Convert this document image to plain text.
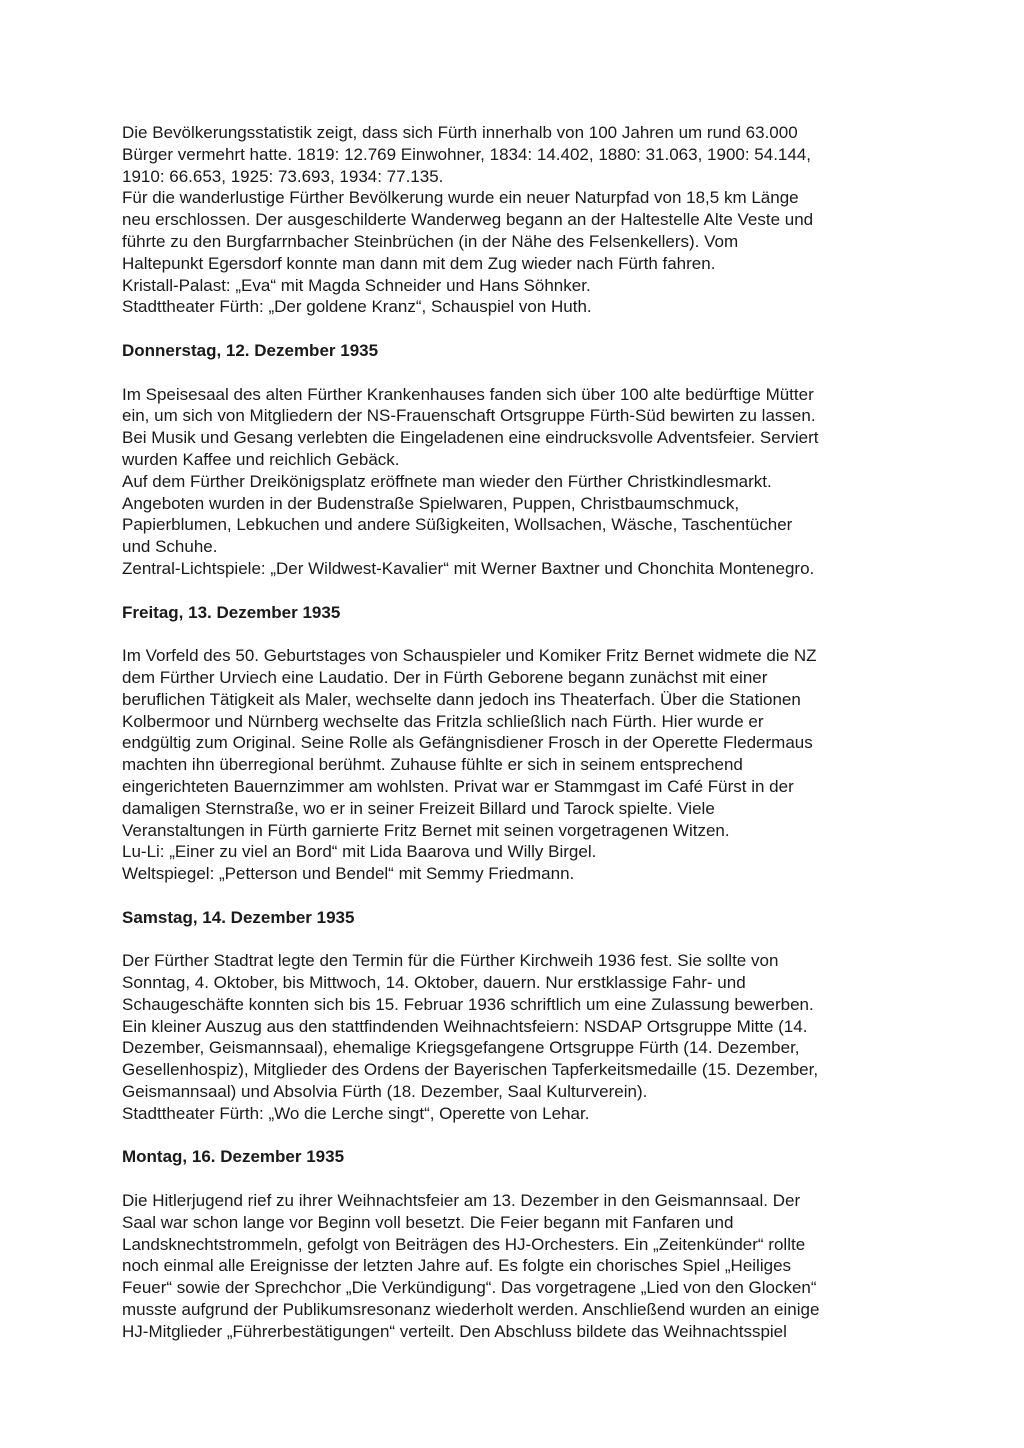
Die Bevölkerungsstatistik zeigt, dass sich Fürth innerhalb von 100 Jahren um rund 63.000
Bürger vermehrt hatte. 1819: 12.769 Einwohner, 1834: 14.402, 1880: 31.063, 1900: 54.144,
1910: 66.653, 1925: 73.693, 1934: 77.135.
Für die wanderlustige Fürther Bevölkerung wurde ein neuer Naturpfad von 18,5 km Länge
neu erschlossen. Der ausgeschilderte Wanderweg begann an der Haltestelle Alte Veste und
führte zu den Burgfarrnbacher Steinbrüchen (in der Nähe des Felsenkellers). Vom
Haltepunkt Egersdorf konnte man dann mit dem Zug wieder nach Fürth fahren.
Kristall-Palast: „Eva“ mit Magda Schneider und Hans Söhnker.
Stadttheater Fürth: „Der goldene Kranz“, Schauspiel von Huth.
Donnerstag, 12. Dezember 1935
Im Speisesaal des alten Fürther Krankenhauses fanden sich über 100 alte bedürftige Mütter
ein, um sich von Mitgliedern der NS-Frauenschaft Ortsgruppe Fürth-Süd bewirten zu lassen.
Bei Musik und Gesang verlebten die Eingeladenen eine eindrucksvolle Adventsfeier. Serviert
wurden Kaffee und reichlich Gebäck.
Auf dem Fürther Dreikönigsplatz eröffnete man wieder den Fürther Christkindlesmarkt.
Angeboten wurden in der Budenstraße Spielwaren, Puppen, Christbaumschmuck,
Papierblumen, Lebkuchen und andere Süßigkeiten, Wollsachen, Wäsche, Taschentücher
und Schuhe.
Zentral-Lichtspiele: „Der Wildwest-Kavalier“ mit Werner Baxtner und Chonchita Montenegro.
Freitag, 13. Dezember 1935
Im Vorfeld des 50. Geburtstages von Schauspieler und Komiker Fritz Bernet widmete die NZ
dem Fürther Urviech eine Laudatio. Der in Fürth Geborene begann zunächst mit einer
beruflichen Tätigkeit als Maler, wechselte dann jedoch ins Theaterfach. Über die Stationen
Kolbermoor und Nürnberg wechselte das Fritzla schließlich nach Fürth. Hier wurde er
endgültig zum Original. Seine Rolle als Gefängnisdiener Frosch in der Operette Fledermaus
machten ihn überregional berühmt. Zuhause fühlte er sich in seinem entsprechend
eingerichteten Bauernzimmer am wohlsten. Privat war er Stammgast im Café Fürst in der
damaligen Sternstraße, wo er in seiner Freizeit Billard und Tarock spielte. Viele
Veranstaltungen in Fürth garnierte Fritz Bernet mit seinen vorgetragenen Witzen.
Lu-Li: „Einer zu viel an Bord“ mit Lida Baarova und Willy Birgel.
Weltspiegel: „Petterson und Bendel“ mit Semmy Friedmann.
Samstag, 14. Dezember 1935
Der Fürther Stadtrat legte den Termin für die Fürther Kirchweih 1936 fest. Sie sollte von
Sonntag, 4. Oktober, bis Mittwoch, 14. Oktober, dauern. Nur erstklassige Fahr- und
Schaugeschäfte konnten sich bis 15. Februar 1936 schriftlich um eine Zulassung bewerben.
Ein kleiner Auszug aus den stattfindenden Weihnachtsfeiern: NSDAP Ortsgruppe Mitte (14.
Dezember, Geismannsaal), ehemalige Kriegsgefangene Ortsgruppe Fürth (14. Dezember,
Gesellenhospiz), Mitglieder des Ordens der Bayerischen Tapferkeitsmedaille (15. Dezember,
Geismannsaal) und Absolvia Fürth (18. Dezember, Saal Kulturverein).
Stadttheater Fürth: „Wo die Lerche singt“, Operette von Lehar.
Montag, 16. Dezember 1935
Die Hitlerjugend rief zu ihrer Weihnachtsfeier am 13. Dezember in den Geismannsaal. Der
Saal war schon lange vor Beginn voll besetzt. Die Feier begann mit Fanfaren und
Landsknechtstrommeln, gefolgt von Beiträgen des HJ-Orchesters. Ein „Zeitenkünder“ rollte
noch einmal alle Ereignisse der letzten Jahre auf. Es folgte ein chorisches Spiel „Heiliges
Feuer“ sowie der Sprechchor „Die Verkündigung“. Das vorgetragene „Lied von den Glocken“
musste aufgrund der Publikumsresonanz wiederholt werden. Anschließend wurden an einige
HJ-Mitglieder „Führerbestätigungen“ verteilt. Den Abschluss bildete das Weihnachtsspiel
